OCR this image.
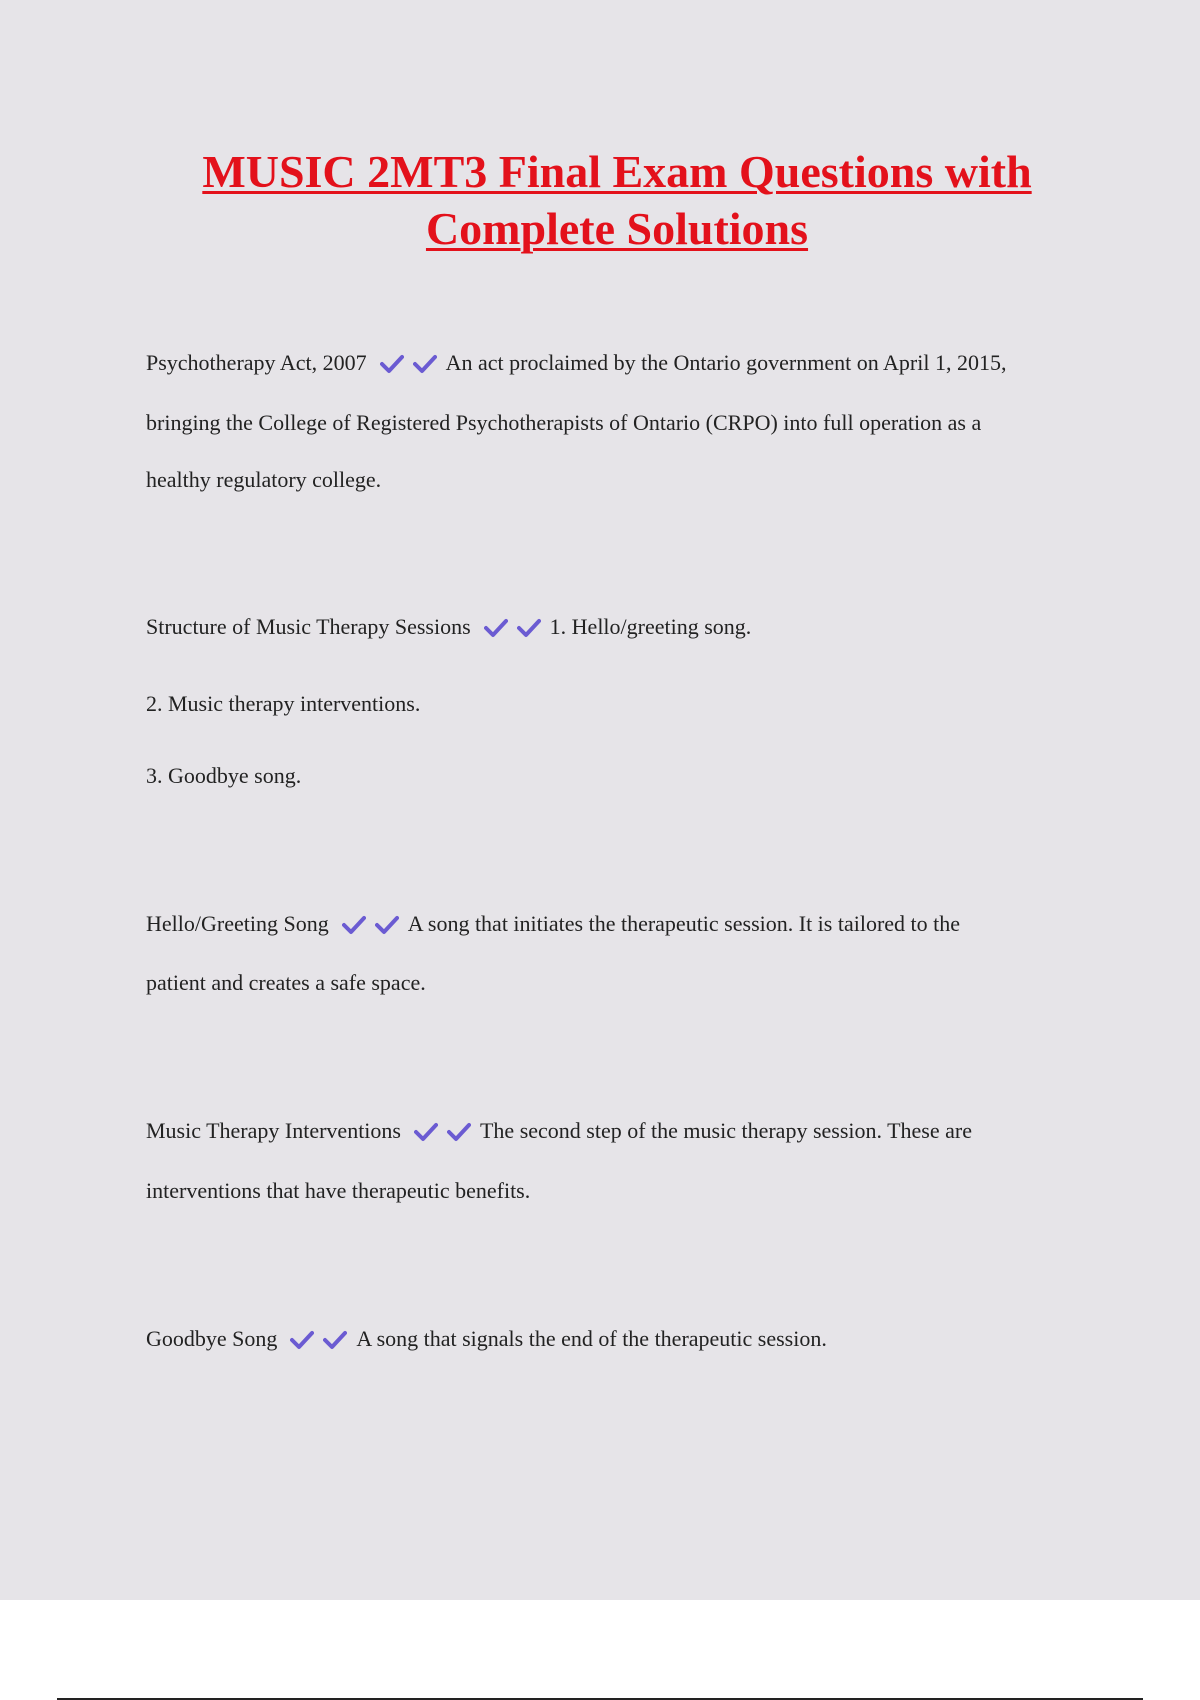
MUSIC 2MT3 Final Exam Questions with
Complete Solutions
Psychotherapy Act, 2007	An act proclaimed by the Ontario government on April 1, 2015,
bringing the College of Registered Psychotherapists of Ontario (CRPO) into full operation as a
healthy regulatory college.
Structure of Music Therapy Sessions	1. Hello/greeting song.
2. Music therapy interventions.
3. Goodbye song.
Hello/Greeting Song	A song that initiates the therapeutic session. It is tailored to the
patient and creates a safe space.
Music Therapy Interventions	The second step of the music therapy session. These are
interventions that have therapeutic benefits.
Goodbye Song	A song that signals the end of the therapeutic session.
